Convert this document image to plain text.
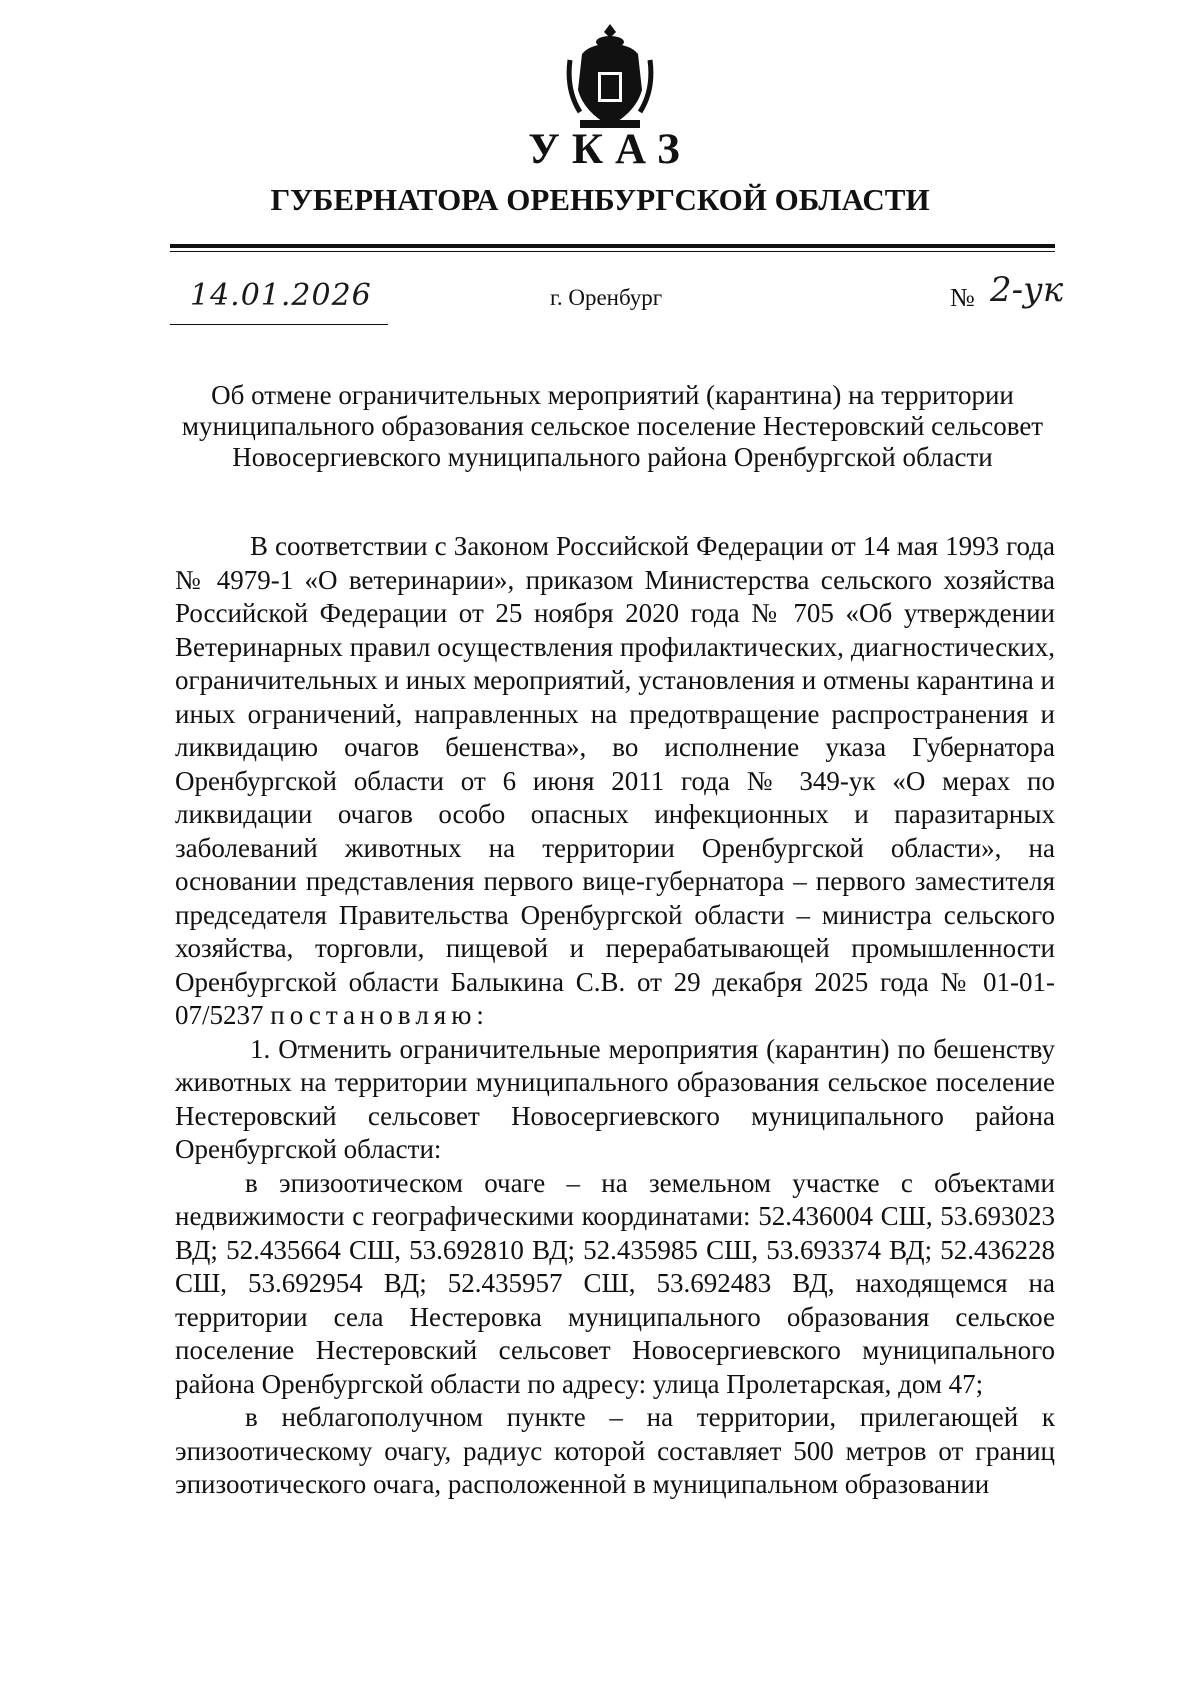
УКАЗ
ГУБЕРНАТОРА ОРЕНБУРГСКОЙ ОБЛАСТИ
14.01.2026	г. Оренбург	№ 2-ук
Об отмене ограничительных мероприятий (карантина) на территории
муниципального образования сельское поселение Нестеровский сельсовет
Новосергиевского муниципального района Оренбургской области

В соответствии с Законом Российской Федерации от 14 мая 1993 года № 4979-1 «О ветеринарии», приказом Министерства сельского хозяйства Российской Федерации от 25 ноября 2020 года № 705 «Об утверждении Ветеринарных правил осуществления профилактических, диагностических, ограничительных и иных мероприятий, установления и отмены карантина и иных ограничений, направленных на предотвращение распространения и ликвидацию очагов бешенства», во исполнение указа Губернатора Оренбургской области от 6 июня 2011 года № 349-ук «О мерах по ликвидации очагов особо опасных инфекционных и паразитарных заболеваний животных на территории Оренбургской области», на основании представления первого вице-губернатора – первого заместителя председателя Правительства Оренбургской области – министра сельского хозяйства, торговли, пищевой и перерабатывающей промышленности Оренбургской области Балыкина С.В. от 29 декабря 2025 года № 01-01-07/5237 постановляю:

1. Отменить ограничительные мероприятия (карантин) по бешенству животных на территории муниципального образования сельское поселение Нестеровский сельсовет Новосергиевского муниципального района Оренбургской области:

в эпизоотическом очаге – на земельном участке с объектами недвижимости с географическими координатами: 52.436004 СШ, 53.693023 ВД; 52.435664 СШ, 53.692810 ВД; 52.435985 СШ, 53.693374 ВД; 52.436228 СШ, 53.692954 ВД; 52.435957 СШ, 53.692483 ВД, находящемся на территории села Нестеровка муниципального образования сельское поселение Нестеровский сельсовет Новосергиевского муниципального района Оренбургской области по адресу: улица Пролетарская, дом 47;

в неблагополучном пункте – на территории, прилегающей к эпизоотическому очагу, радиус которой составляет 500 метров от границ эпизоотического очага, расположенной в муниципальном образовании
